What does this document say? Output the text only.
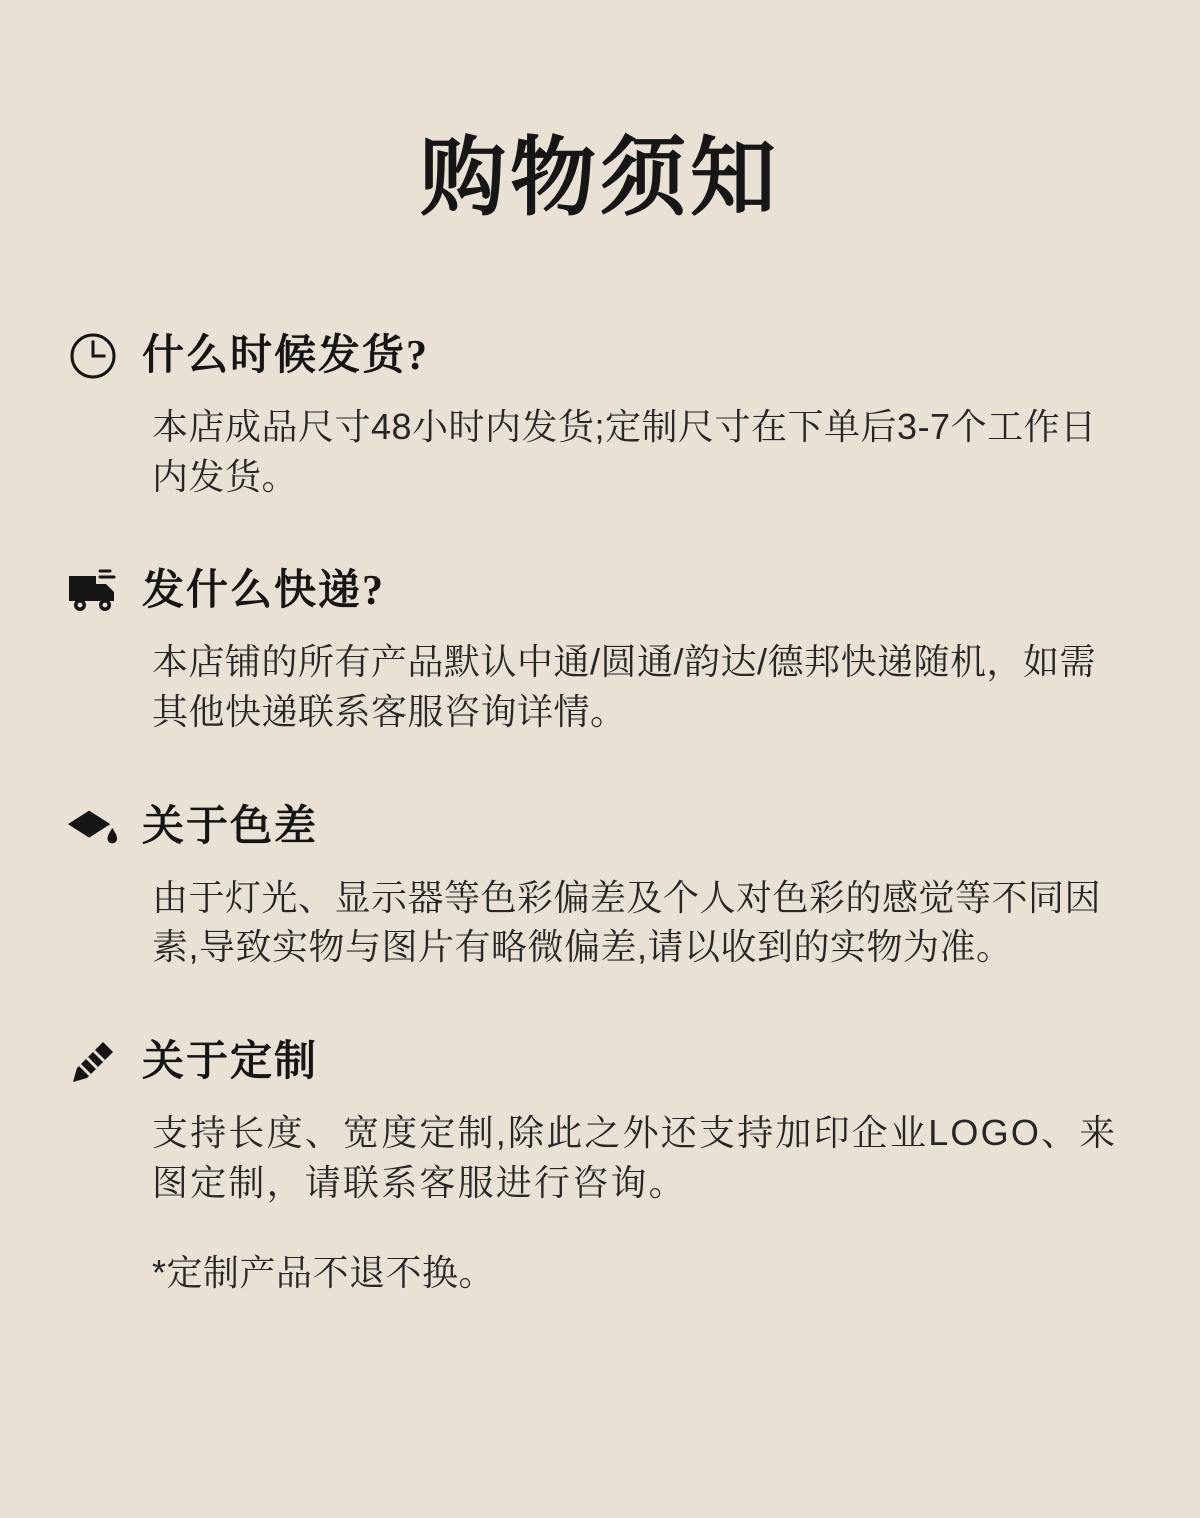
购物须知
什么时候发货?
本店成品尺寸48小时内发货;定制尺寸在下单后3-7个工作日内发货。
发什么快递?
本店铺的所有产品默认中通/圆通/韵达/德邦快递随机，如需其他快递联系客服咨询详情。
关于色差
由于灯光、显示器等色彩偏差及个人对色彩的感觉等不同因素,导致实物与图片有略微偏差,请以收到的实物为准。
关于定制
支持长度、宽度定制,除此之外还支持加印企业LOGO、来图定制，请联系客服进行咨询。
*定制产品不退不换。
